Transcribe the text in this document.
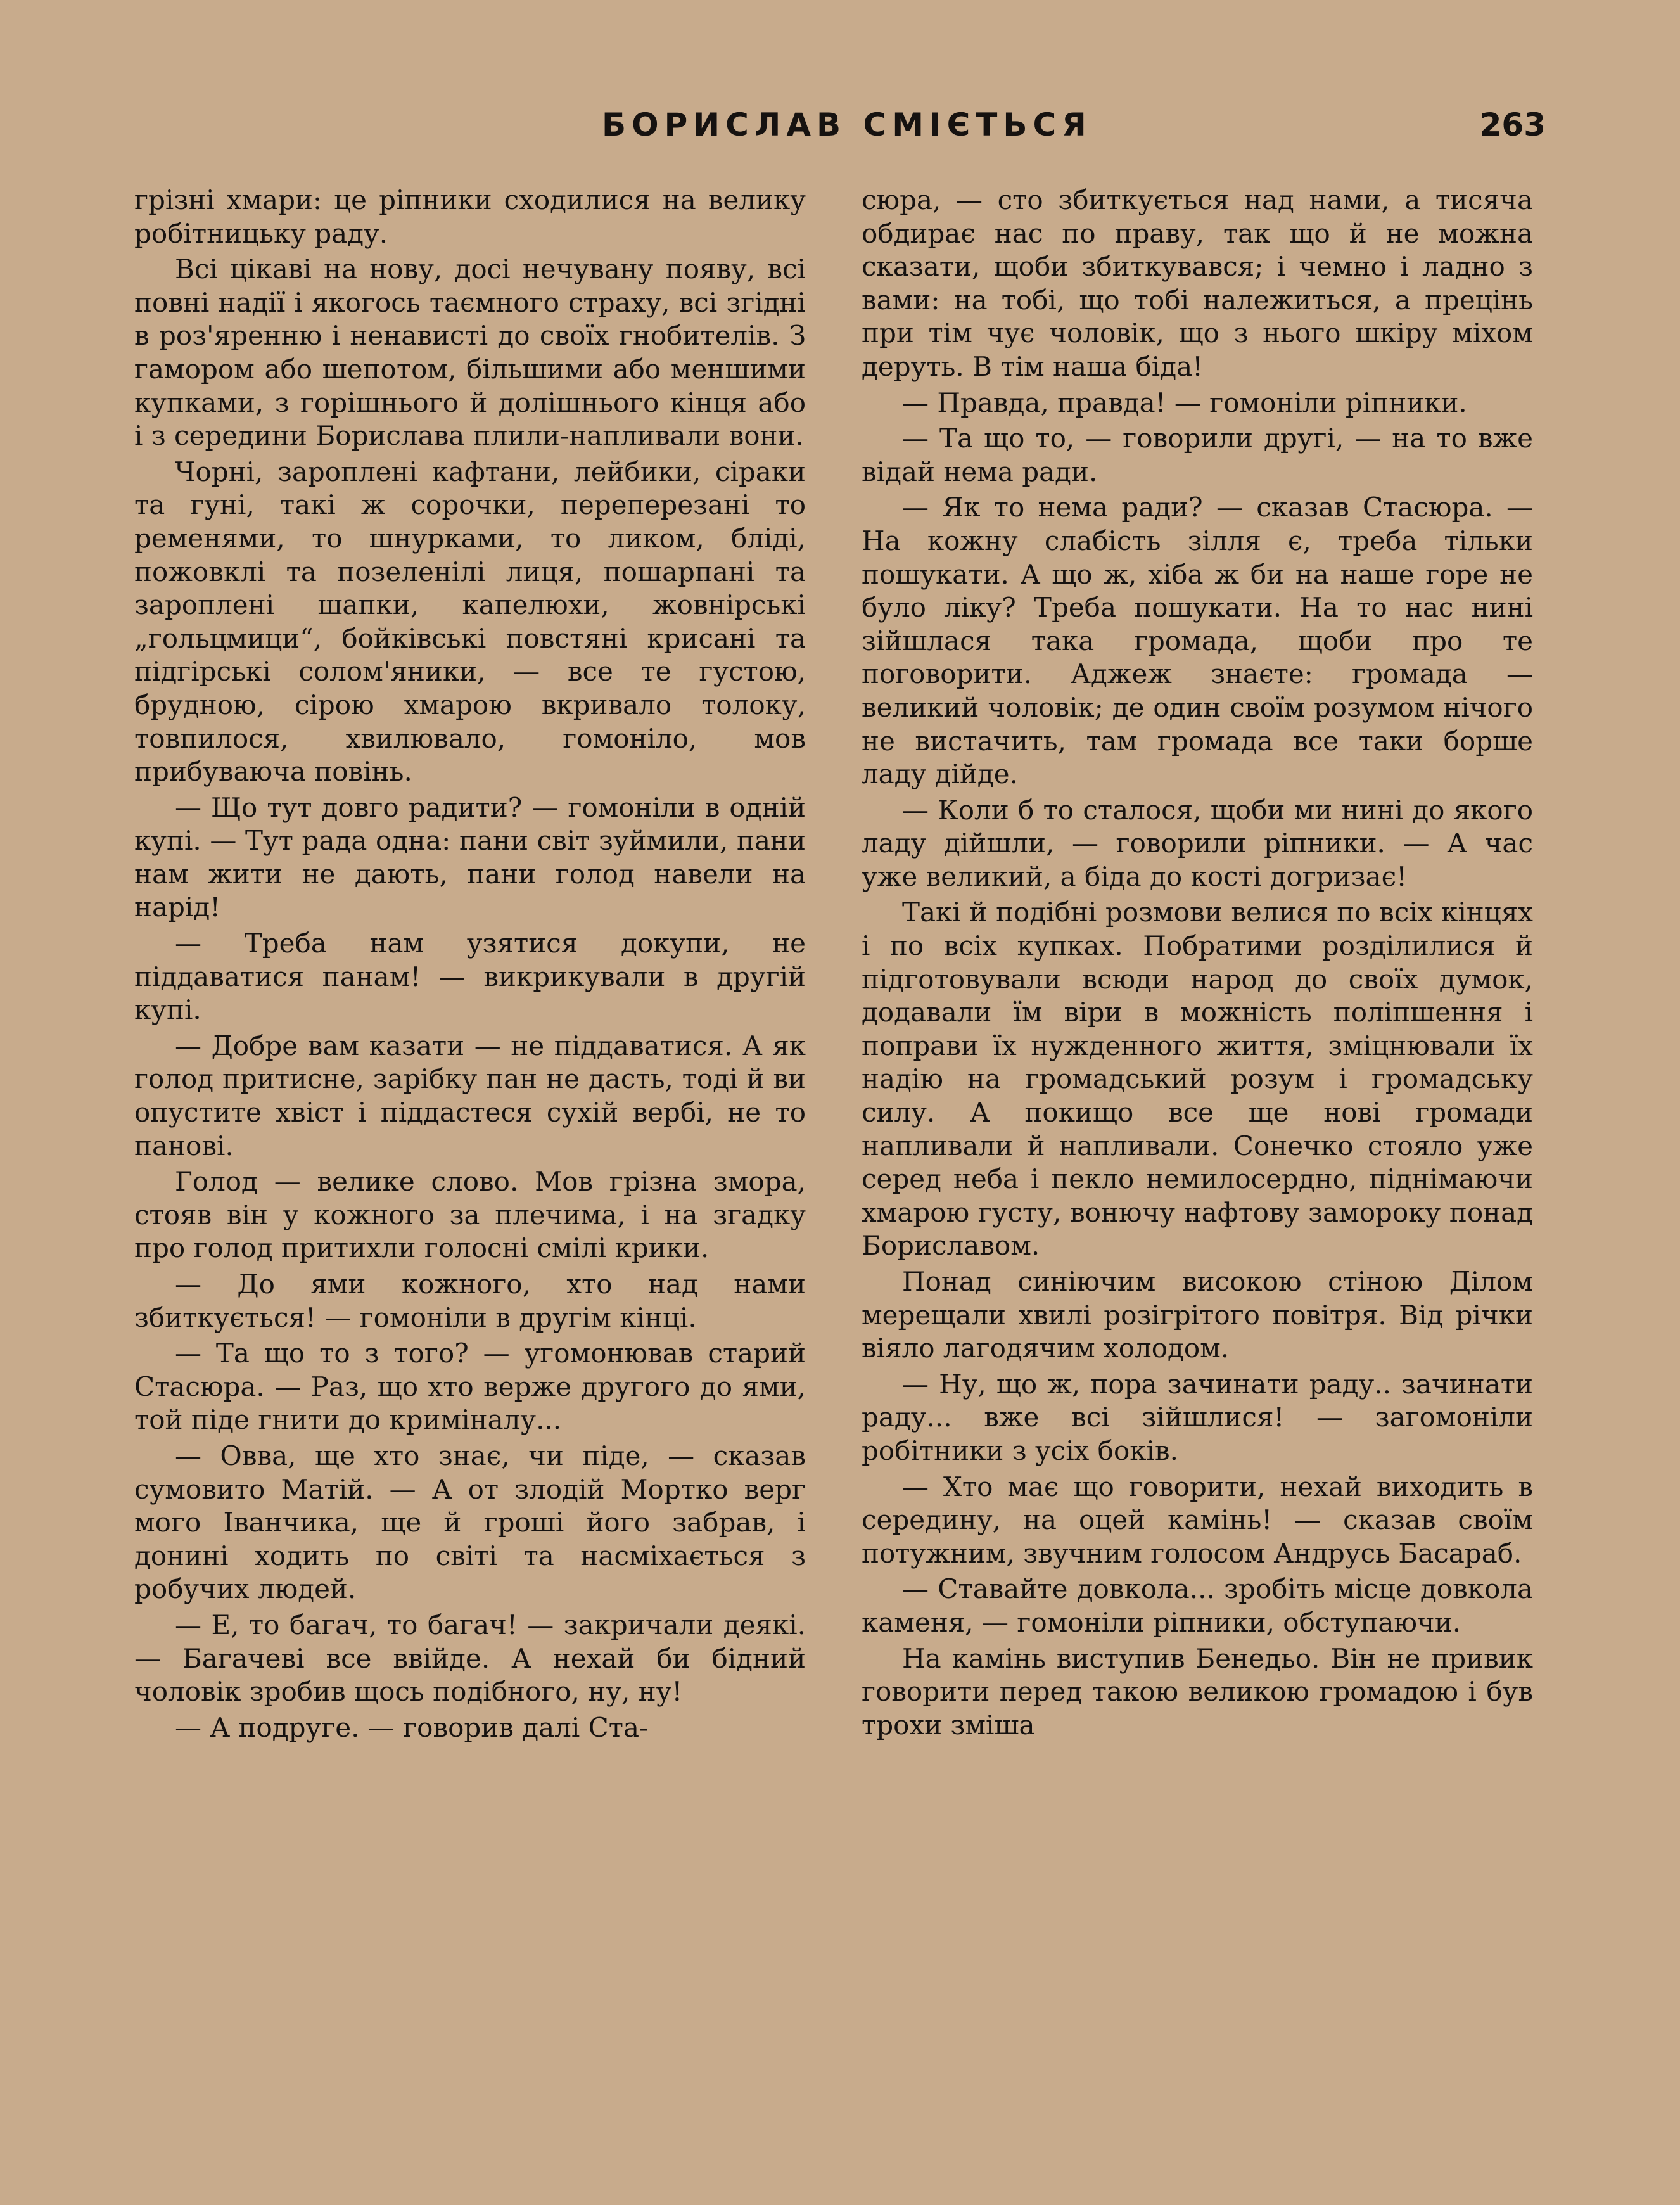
БОРИСЛАВ СМІЄТЬСЯ	263

грізні хмари: це ріпники сходилися на велику робітницьку раду.

Всі цікаві на нову, досі нечувану появу, всі повні надії і якогось таємного страху, всі згідні в роз'яренню і ненависті до своїх гнобителів. З гамором або шепотом, більшими або меншими купками, з горішнього й долішнього кінця або і з середини Борислава плили-напливали вони.

Чорні, зароплені кафтани, лейбики, сіраки та гуні, такі ж сорочки, переперезані то ременями, то шнурками, то ликом, бліді, пожовклі та позеленілі лиця, пошарпані та зароплені шапки, капелюхи, жовнірські „гольцмици“, бойківські повстяні крисані та підгірські солом'яники, — все те густою, брудною, сірою хмарою вкривало толоку, товпилося, хвилювало, гомоніло, мов прибуваюча повінь.

— Що тут довго радити? — гомоніли в одній купі. — Тут рада одна: пани світ зуймили, пани нам жити не дають, пани голод навели на нарід!

— Треба нам узятися докупи, не піддаватися панам! — викрикували в другій купі.

— Добре вам казати — не піддаватися. А як голод притисне, зарібку пан не дасть, тоді й ви опустите хвіст і піддастеся сухій вербі, не то панові.

Голод — велике слово. Мов грізна змора, стояв він у кожного за плечима, і на згадку про голод притихли голосні смілі крики.

— До ями кожного, хто над нами збиткується! — гомоніли в другім кінці.

— Та що то з того? — угомонював старий Стасюра. — Раз, що хто верже другого до ями, той піде гнити до криміналу...

— Овва, ще хто знає, чи піде, — сказав сумовито Матій. — А от злодій Мортко верг мого Іванчика, ще й гроші його забрав, і донині ходить по світі та насміхається з робучих людей.

— Е, то багач, то багач! — закричали деякі. — Багачеві все ввійде. А нехай би бідний чоловік зробив щось подібного, ну, ну!

— А подруге. — говорив далі Ста-

сюра, — сто збиткується над нами, а тисяча обдирає нас по праву, так що й не можна сказати, щоби збиткувався; і чемно і ладно з вами: на тобі, що тобі належиться, а прецінь при тім чує чоловік, що з нього шкіру міхом деруть. В тім наша біда!

— Правда, правда! — гомоніли ріпники.

— Та що то, — говорили другі, — на то вже відай нема ради.

— Як то нема ради? — сказав Стасюра. — На кожну слабість зілля є, треба тільки пошукати. А що ж, хіба ж би на наше горе не було ліку? Треба пошукати. На то нас нині зійшлася така громада, щоби про те поговорити. Аджеж знаєте: громада — великий чоловік; де один своїм розумом нічого не вистачить, там громада все таки борше ладу дійде.

— Коли б то сталося, щоби ми нині до якого ладу дійшли, — говорили ріпники. — А час уже великий, а біда до кості догризає!

Такі й подібні розмови велися по всіх кінцях і по всіх купках. Побратими розділилися й підготовували всюди народ до своїх думок, додавали їм віри в можність поліпшення і поправи їх нужденного життя, зміцнювали їх надію на громадський розум і громадську силу. А покищо все ще нові громади напливали й напливали. Сонечко стояло уже серед неба і пекло немилосердно, піднімаючи хмарою густу, вонючу нафтову замороку понад Бориславом.

Понад синіючим високою стіною Ділом мерещали хвилі розігрітого повітря. Від річки віяло лагодячим холодом.

— Ну, що ж, пора зачинати раду.. зачинати раду... вже всі зійшлися! — загомоніли робітники з усіх боків.

— Хто має що говорити, нехай виходить в середину, на оцей камінь! — сказав своїм потужним, звучним голосом Андрусь Басараб.

— Ставайте довкола... зробіть місце довкола каменя, — гомоніли ріпники, обступаючи.

На камінь виступив Бенедьо. Він не привик говорити перед такою великою громадою і був трохи зміша
